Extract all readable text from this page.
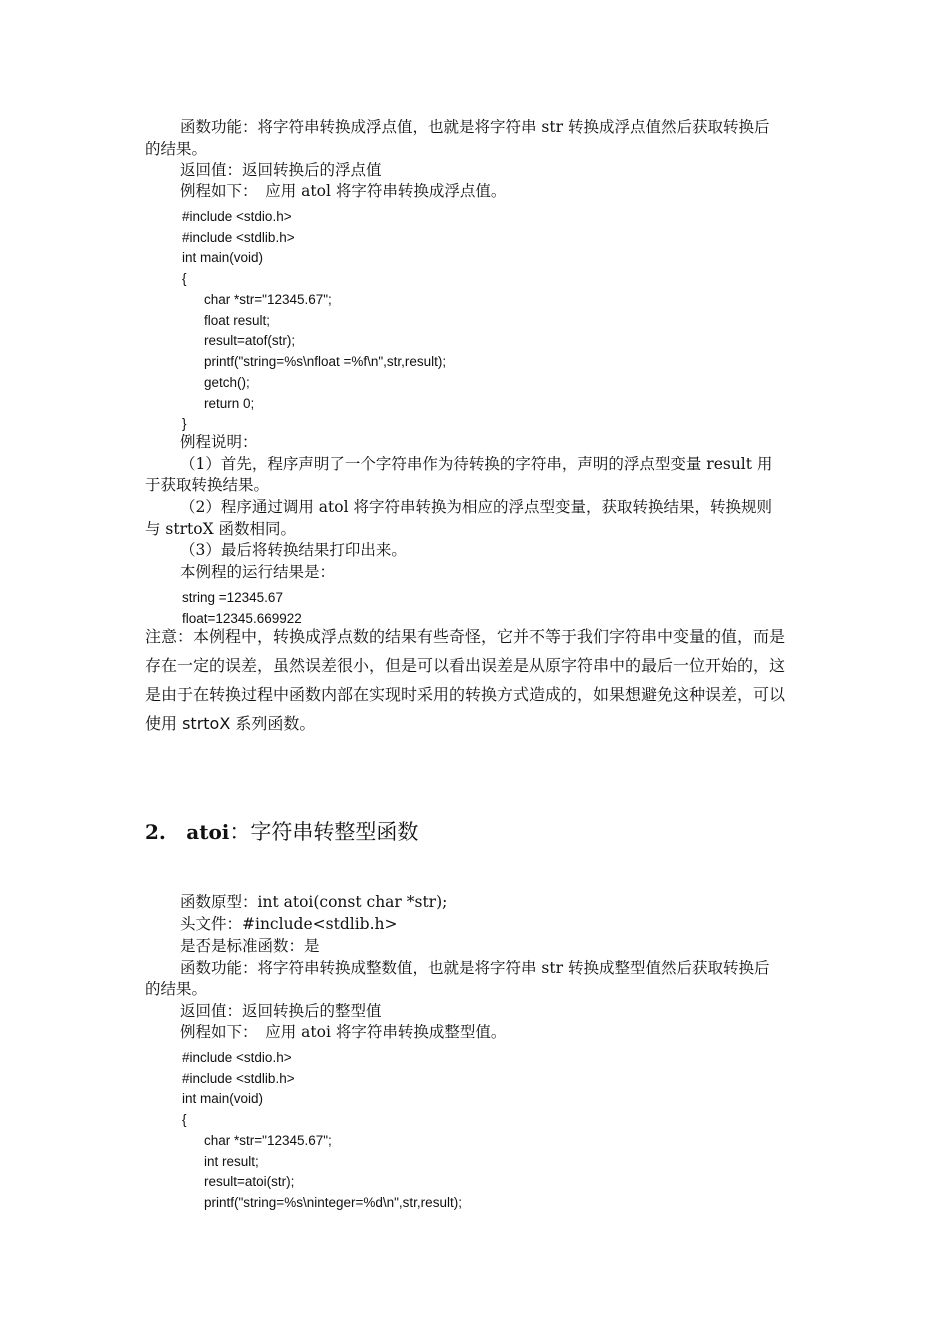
函数功能：将字符串转换成浮点值，也就是将字符串 str 转换成浮点值然后获取转换后
的结果。
返回值：返回转换后的浮点值
例程如下：　应用 atol 将字符串转换成浮点值。
#include <stdio.h>
#include <stdlib.h>
int main(void)
{
char *str="12345.67";
float result;
result=atof(str);
printf("string=%s\nfloat =%f\n",str,result);
getch();
return 0;
}
例程说明：
（1）首先，程序声明了一个字符串作为待转换的字符串，声明的浮点型变量 result 用
于获取转换结果。
（2）程序通过调用 atol 将字符串转换为相应的浮点型变量，获取转换结果，转换规则
与 strtoX 函数相同。
（3）最后将转换结果打印出来。
本例程的运行结果是：
string =12345.67
float=12345.669922
注意：本例程中，转换成浮点数的结果有些奇怪，它并不等于我们字符串中变量的值，而是
存在一定的误差，虽然误差很小，但是可以看出误差是从原字符串中的最后一位开始的，这
是由于在转换过程中函数内部在实现时采用的转换方式造成的，如果想避免这种误差，可以
使用 strtoX 系列函数。
2. atoi：字符串转整型函数
函数原型：int atoi(const char *str);
头文件：#include<stdlib.h>
是否是标准函数：是
函数功能：将字符串转换成整数值，也就是将字符串 str 转换成整型值然后获取转换后
的结果。
返回值：返回转换后的整型值
例程如下：　应用 atoi 将字符串转换成整型值。
#include <stdio.h>
#include <stdlib.h>
int main(void)
{
char *str="12345.67";
int result;
result=atoi(str);
printf("string=%s\ninteger=%d\n",str,result);
